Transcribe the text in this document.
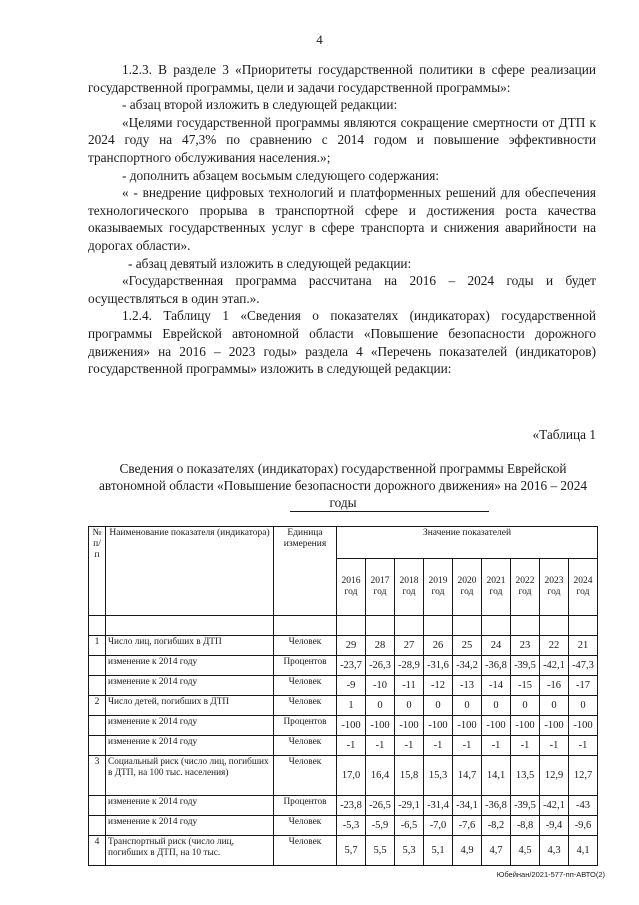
4

1.2.3. В разделе 3 «Приоритеты государственной политики в сфере реализации государственной программы, цели и задачи государственной программы»:

- абзац второй изложить в следующей редакции:

«Целями государственной программы являются сокращение смертности от ДТП к 2024 году на 47,3% по сравнению с 2014 годом и повышение эффективности транспортного обслуживания населения.»;

- дополнить абзацем восьмым следующего содержания:

« - внедрение цифровых технологий и платформенных решений для обеспечения технологического прорыва в транспортной сфере и достижения роста качества оказываемых государственных услуг в сфере транспорта и снижения аварийности на дорогах области».

- абзац девятый изложить в следующей редакции:

«Государственная программа рассчитана на 2016 – 2024 годы и будет осуществляться в один этап.».

1.2.4. Таблицу 1 «Сведения о показателях (индикаторах) государственной программы Еврейской автономной области «Повышение безопасности дорожного движения» на 2016 – 2023 годы» раздела 4 «Перечень показателей (индикаторов) государственной программы» изложить в следующей редакции:

«Таблица 1
Сведения о показателях (индикаторах) государственной программы Еврейской автономной области «Повышение безопасности дорожного движения» на 2016 – 2024 годы
№ п/п	Наименование показателя (индикатора)	Единица измерения	Значение показателей								
			2016 год	2017 год	2018 год	2019 год	2020 год	2021 год	2022 год	2023 год	2024 год

1	Число лиц, погибших в ДТП	Человек	29	28	27	26	25	24	23	22	21
	изменение к 2014 году	Процентов	-23,7	-26,3	-28,9	-31,6	-34,2	-36,8	-39,5	-42,1	-47,3
	изменение к 2014 году	Человек	-9	-10	-11	-12	-13	-14	-15	-16	-17
2	Число детей, погибших в ДТП	Человек	1	0	0	0	0	0	0	0	0
	изменение к 2014 году	Процентов	-100	-100	-100	-100	-100	-100	-100	-100	-100
	изменение к 2014 году	Человек	-1	-1	-1	-1	-1	-1	-1	-1	-1
3	Социальный риск (число лиц, погибших в ДТП, на 100 тыс. населения)	Человек	17,0	16,4	15,8	15,3	14,7	14,1	13,5	12,9	12,7
	изменение к 2014 году	Процентов	-23,8	-26,5	-29,1	-31,4	-34,1	-36,8	-39,5	-42,1	-43
	изменение к 2014 году	Человек	-5,3	-5,9	-6,5	-7,0	-7,6	-8,2	-8,8	-9,4	-9,6
4	Транспортный риск (число лиц, погибших в ДТП, на 10 тыс.	Человек	5,7	5,5	5,3	5,1	4,9	4,7	4,5	4,3	4,1
Юбейнан/2021-577-пп-АВТО(2)
